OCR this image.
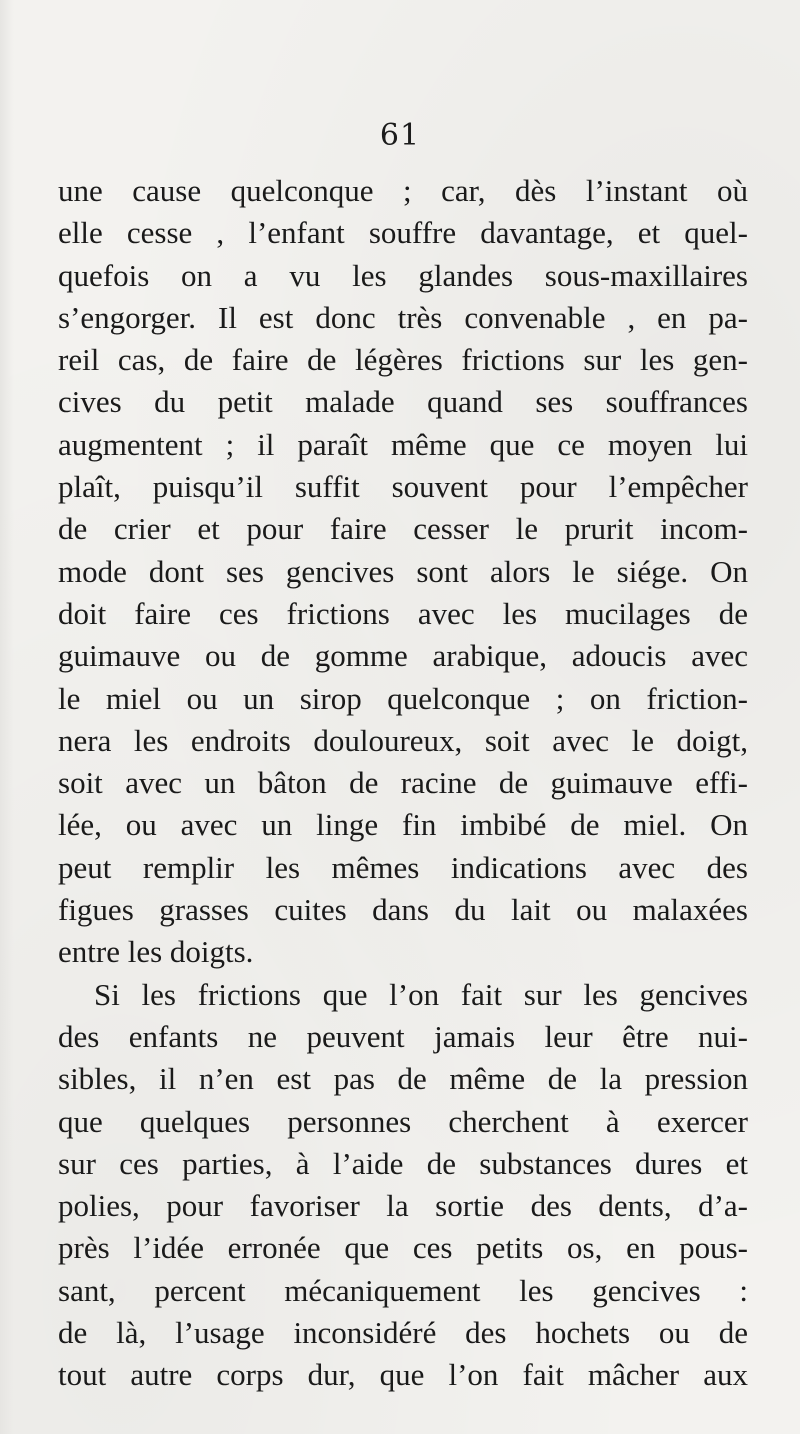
61
une cause quelconque ; car, dès l’instant où
elle cesse , l’enfant souffre davantage, et quel-
quefois on a vu les glandes sous-maxillaires
s’engorger. Il est donc très convenable , en pa-
reil cas, de faire de légères frictions sur les gen-
cives du petit malade quand ses souffrances
augmentent ; il paraît même que ce moyen lui
plaît, puisqu’il suffit souvent pour l’empêcher
de crier et pour faire cesser le prurit incom-
mode dont ses gencives sont alors le siége. On
doit faire ces frictions avec les mucilages de
guimauve ou de gomme arabique, adoucis avec
le miel ou un sirop quelconque ; on friction-
nera les endroits douloureux, soit avec le doigt,
soit avec un bâton de racine de guimauve effi-
lée, ou avec un linge fin imbibé de miel. On
peut remplir les mêmes indications avec des
figues grasses cuites dans du lait ou malaxées
entre les doigts.
Si les frictions que l’on fait sur les gencives
des enfants ne peuvent jamais leur être nui-
sibles, il n’en est pas de même de la pression
que quelques personnes cherchent à exercer
sur ces parties, à l’aide de substances dures et
polies, pour favoriser la sortie des dents, d’a-
près l’idée erronée que ces petits os, en pous-
sant, percent mécaniquement les gencives :
de là, l’usage inconsidéré des hochets ou de
tout autre corps dur, que l’on fait mâcher aux
